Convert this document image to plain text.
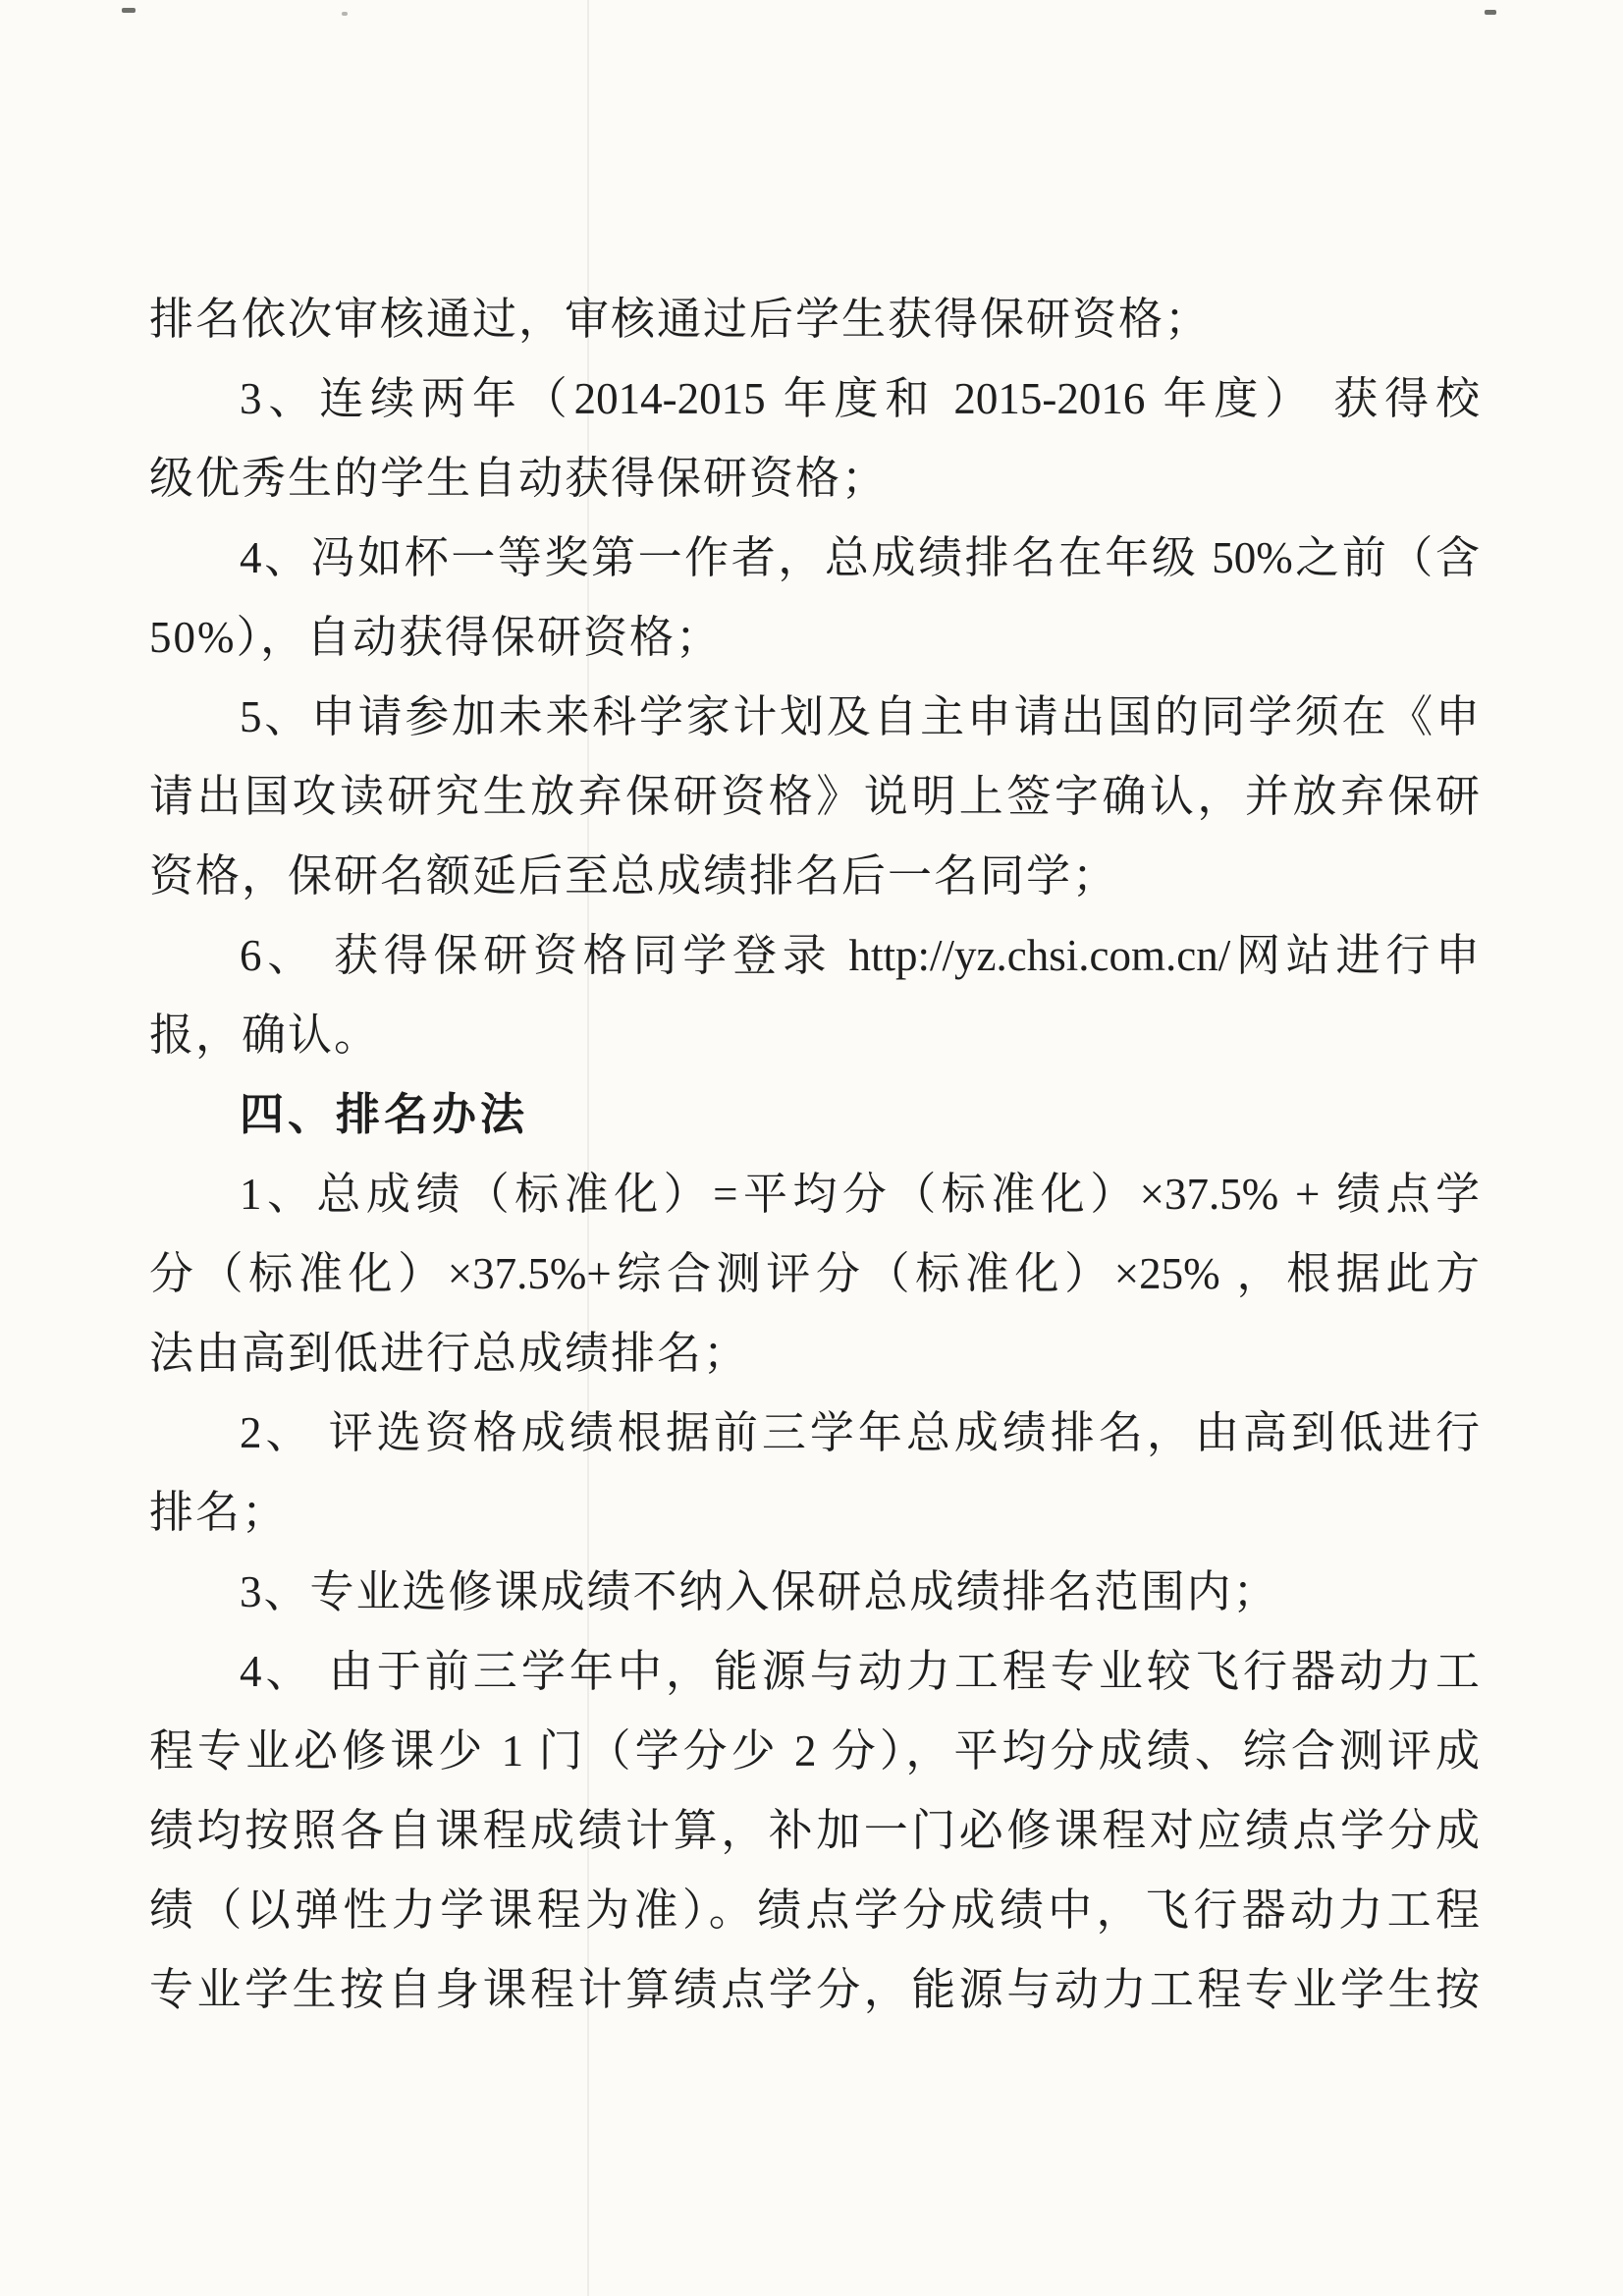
排名依次审核通过，审核通过后学生获得保研资格；
3、连续两年（2014-2015 年度和 2015-2016 年度） 获得校
级优秀生的学生自动获得保研资格；
4、冯如杯一等奖第一作者，总成绩排名在年级 50%之前（含
50%），自动获得保研资格；
5、申请参加未来科学家计划及自主申请出国的同学须在《申
请出国攻读研究生放弃保研资格》说明上签字确认，并放弃保研
资格，保研名额延后至总成绩排名后一名同学；
6、 获得保研资格同学登录 http://yz.chsi.com.cn/网站进行申
报，确认。
四、排名办法
1、总成绩（标准化）=平均分（标准化）×37.5% + 绩点学
分（标准化）×37.5%+综合测评分（标准化）×25% ，根据此方
法由高到低进行总成绩排名；
2、 评选资格成绩根据前三学年总成绩排名，由高到低进行
排名；
3、专业选修课成绩不纳入保研总成绩排名范围内；
4、 由于前三学年中，能源与动力工程专业较飞行器动力工
程专业必修课少 1 门（学分少 2 分），平均分成绩、综合测评成
绩均按照各自课程成绩计算，补加一门必修课程对应绩点学分成
绩（以弹性力学课程为准）。绩点学分成绩中，飞行器动力工程
专业学生按自身课程计算绩点学分，能源与动力工程专业学生按
